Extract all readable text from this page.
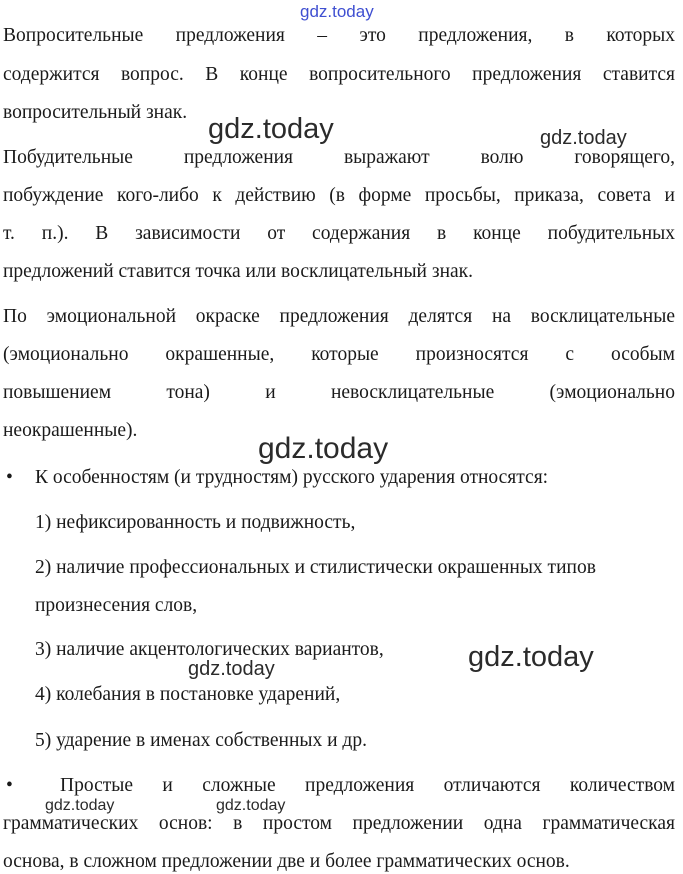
gdz.today
gdz.today	gdz.today
gdz.today
gdz.today	gdz.today
gdz.today	gdz.today
Вопросительные предложения – это предложения, в которых
содержится вопрос. В конце вопросительного предложения ставится
вопросительный знак.
Побудительные предложения выражают волю говорящего,
побуждение кого-либо к действию (в форме просьбы, приказа, совета и
т. п.). В зависимости от содержания в конце побудительных
предложений ставится точка или восклицательный знак.
По эмоциональной окраске предложения делятся на восклицательные
(эмоционально окрашенные, которые произносятся с особым
повышением тона) и невосклицательные (эмоционально
неокрашенные).
• К особенностям (и трудностям) русского ударения относятся:
1) нефиксированность и подвижность,
2) наличие профессиональных и стилистически окрашенных типов
произнесения слов,
3) наличие акцентологических вариантов,
4) колебания в постановке ударений,
5) ударение в именах собственных и др.
• Простые и сложные предложения отличаются количеством
грамматических основ: в простом предложении одна грамматическая
основа, в сложном предложении две и более грамматических основ.
